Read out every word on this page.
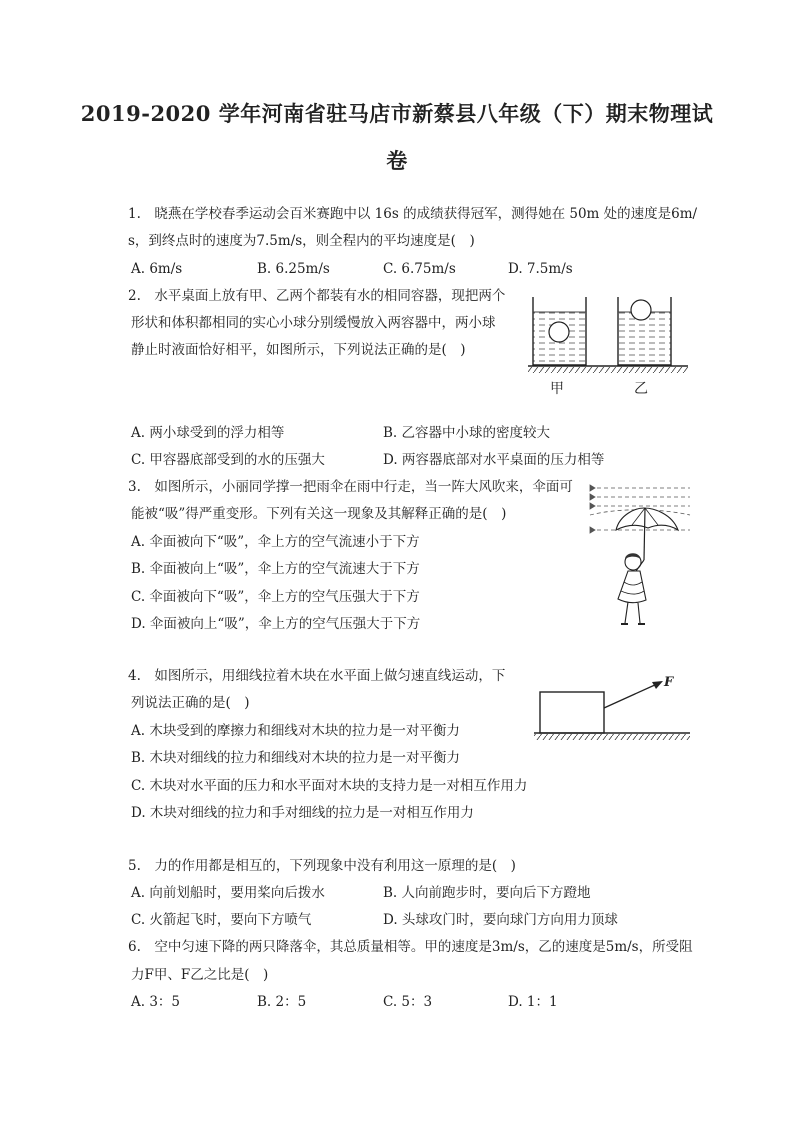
2019-2020 学年河南省驻马店市新蔡县八年级（下）期末物理试
卷
1.　晓燕在学校春季运动会百米赛跑中以 16s 的成绩获得冠军，测得她在 50m 处的速度是6m/
s，到终点时的速度为7.5m/s，则全程内的平均速度是(　)
A. 6m/s	B. 6.25m/s	C. 6.75m/s	D. 7.5m/s
2.　水平桌面上放有甲、乙两个都装有水的相同容器，现把两个
形状和体积都相同的实心小球分别缓慢放入两容器中，两小球
静止时液面恰好相平，如图所示，下列说法正确的是(　)
甲	乙
A. 两小球受到的浮力相等	B. 乙容器中小球的密度较大
C. 甲容器底部受到的水的压强大	D. 两容器底部对水平桌面的压力相等
3.　如图所示，小丽同学撑一把雨伞在雨中行走，当一阵大风吹来，伞面可
能被“吸”得严重变形。下列有关这一现象及其解释正确的是(　)
A. 伞面被向下“吸”，伞上方的空气流速小于下方
B. 伞面被向上“吸”，伞上方的空气流速大于下方
C. 伞面被向下“吸”，伞上方的空气压强大于下方
D. 伞面被向上“吸”，伞上方的空气压强大于下方
4.　如图所示，用细线拉着木块在水平面上做匀速直线运动，下
列说法正确的是(　)
A. 木块受到的摩擦力和细线对木块的拉力是一对平衡力
B. 木块对细线的拉力和细线对木块的拉力是一对平衡力
C. 木块对水平面的压力和水平面对木块的支持力是一对相互作用力
D. 木块对细线的拉力和手对细线的拉力是一对相互作用力
F
5.　力的作用都是相互的，下列现象中没有利用这一原理的是(　)
A. 向前划船时，要用桨向后拨水	B. 人向前跑步时，要向后下方蹬地
C. 火箭起飞时，要向下方喷气	D. 头球攻门时，要向球门方向用力顶球
6.　空中匀速下降的两只降落伞，其总质量相等。甲的速度是3m/s，乙的速度是5m/s，所受阻
力F甲、F乙之比是(　)
A. 3：5	B. 2：5	C. 5：3	D. 1：1
